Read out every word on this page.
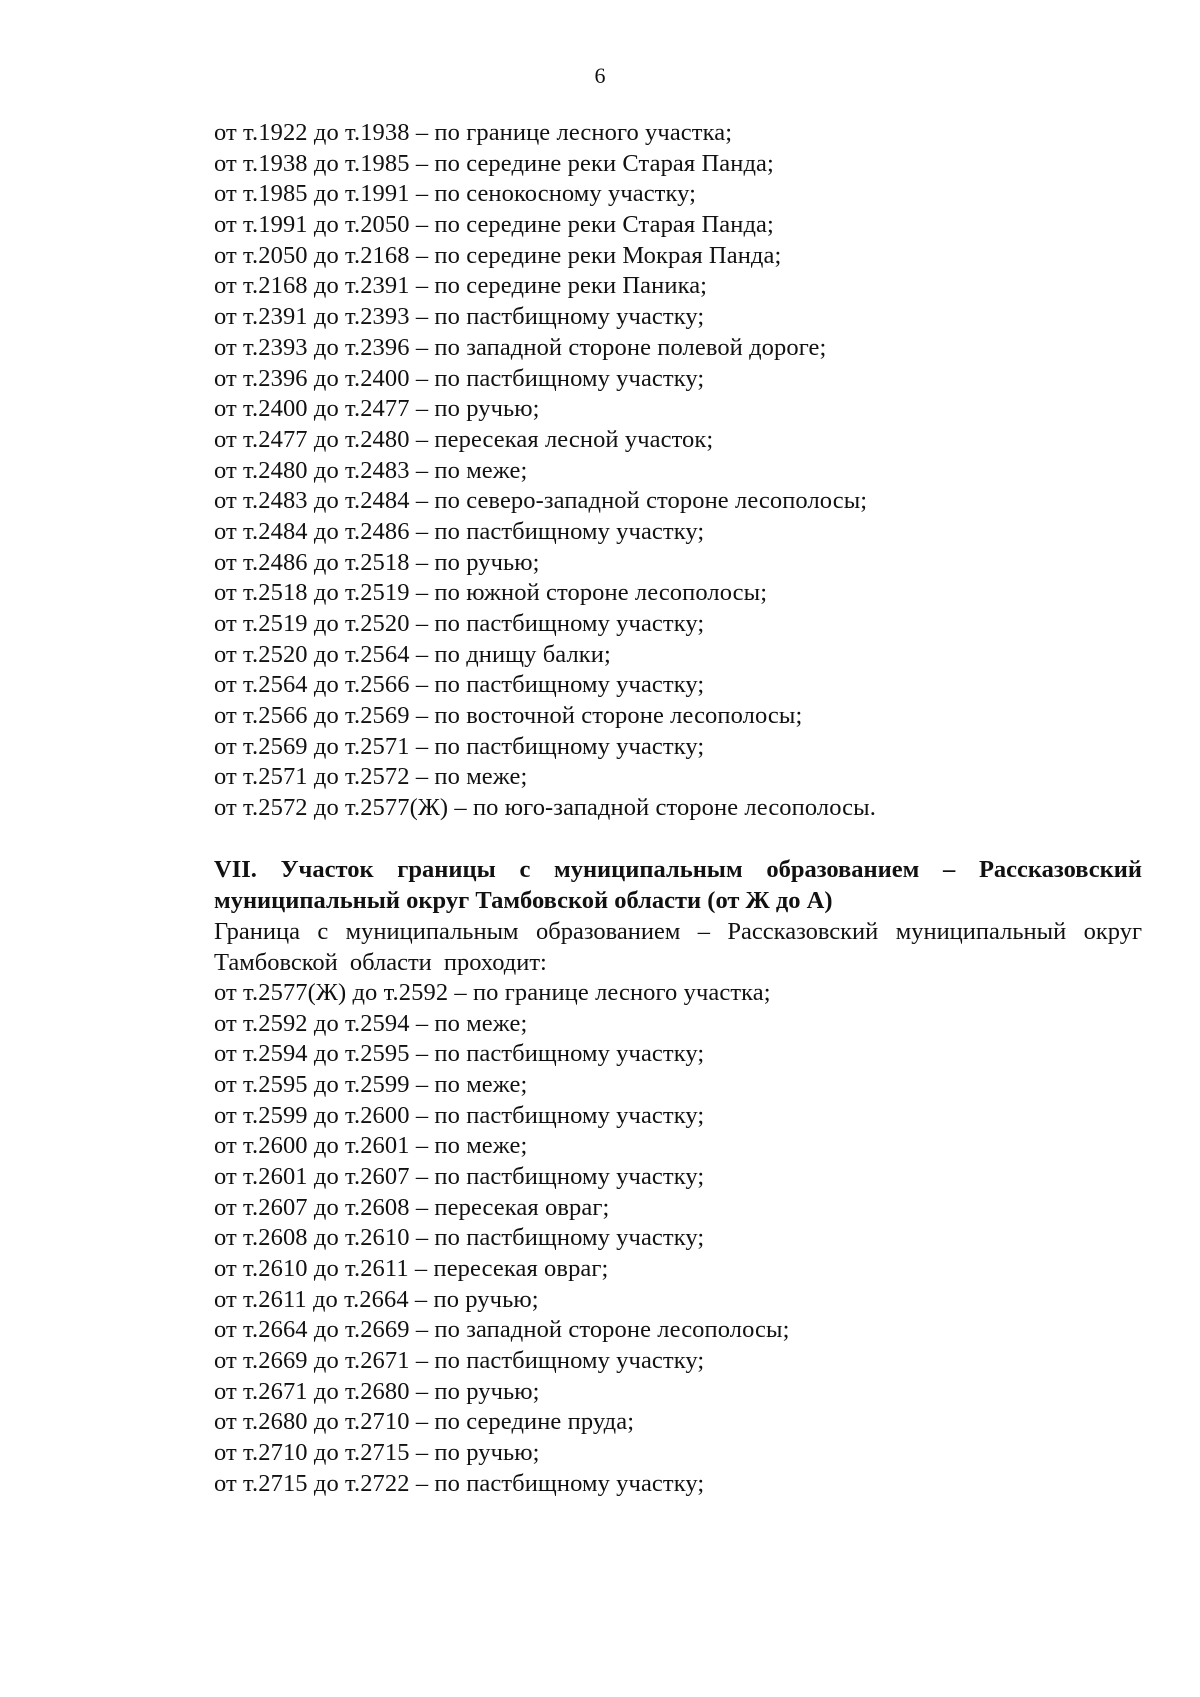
6
от т.1922 до т.1938 – по границе лесного участка;
от т.1938 до т.1985 – по середине реки Старая Панда;
от т.1985 до т.1991 – по сенокосному участку;
от т.1991 до т.2050 – по середине реки Старая Панда;
от т.2050 до т.2168 – по середине реки Мокрая Панда;
от т.2168 до т.2391 – по середине реки Паника;
от т.2391 до т.2393 – по пастбищному участку;
от т.2393 до т.2396 – по западной стороне полевой дороге;
от т.2396 до т.2400 – по пастбищному участку;
от т.2400 до т.2477 – по ручью;
от т.2477 до т.2480 – пересекая лесной участок;
от т.2480 до т.2483 – по меже;
от т.2483 до т.2484 – по северо-западной стороне лесополосы;
от т.2484 до т.2486 – по пастбищному участку;
от т.2486 до т.2518 – по ручью;
от т.2518 до т.2519 – по южной стороне лесополосы;
от т.2519 до т.2520 – по пастбищному участку;
от т.2520 до т.2564 – по днищу балки;
от т.2564 до т.2566 – по пастбищному участку;
от т.2566 до т.2569 – по восточной стороне лесополосы;
от т.2569 до т.2571 – по пастбищному участку;
от т.2571 до т.2572 – по меже;
от т.2572 до т.2577(Ж) – по юго-западной стороне лесополосы.
VII. Участок границы с муниципальным образованием – Рассказовский муниципальный округ Тамбовской области (от Ж до А)
Граница с муниципальным образованием – Рассказовский муниципальный округ Тамбовской области проходит:
от т.2577(Ж) до т.2592 – по границе лесного участка;
от т.2592 до т.2594 – по меже;
от т.2594 до т.2595 – по пастбищному участку;
от т.2595 до т.2599 – по меже;
от т.2599 до т.2600 – по пастбищному участку;
от т.2600 до т.2601 – по меже;
от т.2601 до т.2607 – по пастбищному участку;
от т.2607 до т.2608 – пересекая овраг;
от т.2608 до т.2610 – по пастбищному участку;
от т.2610 до т.2611 – пересекая овраг;
от т.2611 до т.2664 – по ручью;
от т.2664 до т.2669 – по западной стороне лесополосы;
от т.2669 до т.2671 – по пастбищному участку;
от т.2671 до т.2680 – по ручью;
от т.2680 до т.2710 – по середине пруда;
от т.2710 до т.2715 – по ручью;
от т.2715 до т.2722 – по пастбищному участку;
